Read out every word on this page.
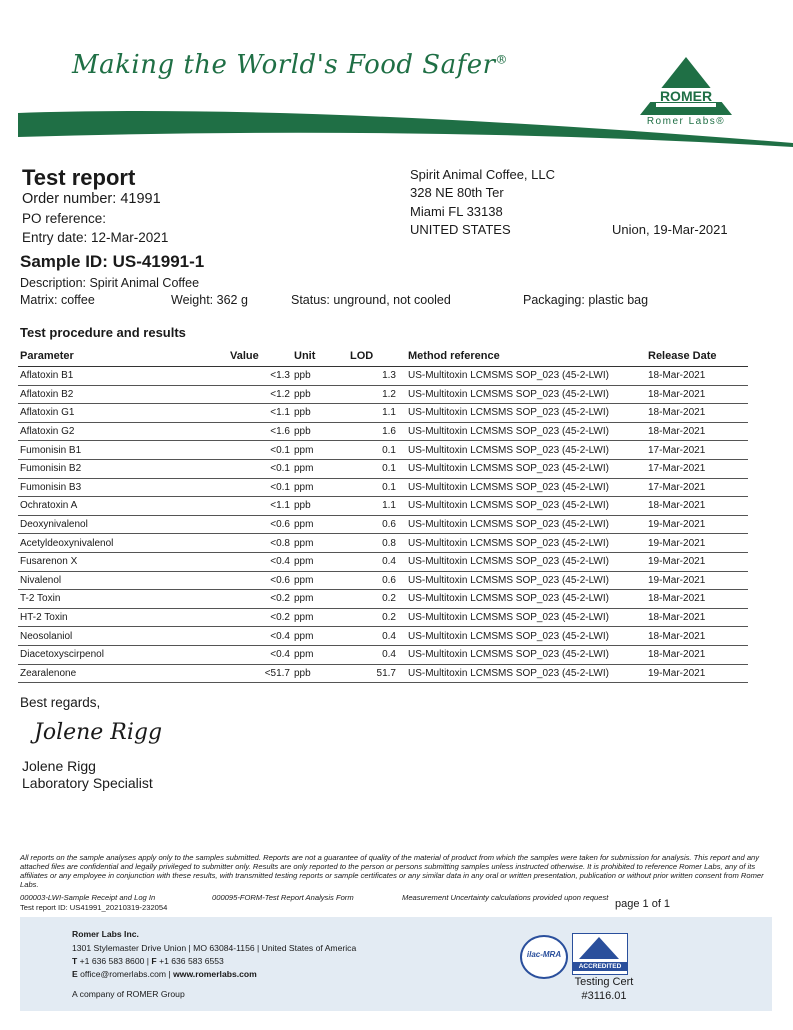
Making the World's Food Safer®
ROMER
Romer Labs®
Test report
Order number: 41991
PO reference:
Entry date: 12-Mar-2021
Spirit Animal Coffee, LLC
328 NE 80th Ter
Miami FL 33138
UNITED STATES	Union, 19-Mar-2021
Sample ID: US-41991-1
Description: Spirit Animal Coffee
Matrix: coffee	Weight: 362 g	Status: unground, not cooled	Packaging: plastic bag
Test procedure and results
Parameter	Value	Unit	LOD	Method reference	Release Date
Aflatoxin B1	<1.3	ppb	1.3	US-Multitoxin LCMSMS SOP_023 (45-2-LWI)	18-Mar-2021
Aflatoxin B2	<1.2	ppb	1.2	US-Multitoxin LCMSMS SOP_023 (45-2-LWI)	18-Mar-2021
Aflatoxin G1	<1.1	ppb	1.1	US-Multitoxin LCMSMS SOP_023 (45-2-LWI)	18-Mar-2021
Aflatoxin G2	<1.6	ppb	1.6	US-Multitoxin LCMSMS SOP_023 (45-2-LWI)	18-Mar-2021
Fumonisin B1	<0.1	ppm	0.1	US-Multitoxin LCMSMS SOP_023 (45-2-LWI)	17-Mar-2021
Fumonisin B2	<0.1	ppm	0.1	US-Multitoxin LCMSMS SOP_023 (45-2-LWI)	17-Mar-2021
Fumonisin B3	<0.1	ppm	0.1	US-Multitoxin LCMSMS SOP_023 (45-2-LWI)	17-Mar-2021
Ochratoxin A	<1.1	ppb	1.1	US-Multitoxin LCMSMS SOP_023 (45-2-LWI)	18-Mar-2021
Deoxynivalenol	<0.6	ppm	0.6	US-Multitoxin LCMSMS SOP_023 (45-2-LWI)	19-Mar-2021
Acetyldeoxynivalenol	<0.8	ppm	0.8	US-Multitoxin LCMSMS SOP_023 (45-2-LWI)	19-Mar-2021
Fusarenon X	<0.4	ppm	0.4	US-Multitoxin LCMSMS SOP_023 (45-2-LWI)	19-Mar-2021
Nivalenol	<0.6	ppm	0.6	US-Multitoxin LCMSMS SOP_023 (45-2-LWI)	19-Mar-2021
T-2 Toxin	<0.2	ppm	0.2	US-Multitoxin LCMSMS SOP_023 (45-2-LWI)	18-Mar-2021
HT-2 Toxin	<0.2	ppm	0.2	US-Multitoxin LCMSMS SOP_023 (45-2-LWI)	18-Mar-2021
Neosolaniol	<0.4	ppm	0.4	US-Multitoxin LCMSMS SOP_023 (45-2-LWI)	18-Mar-2021
Diacetoxyscirpenol	<0.4	ppm	0.4	US-Multitoxin LCMSMS SOP_023 (45-2-LWI)	18-Mar-2021
Zearalenone	<51.7	ppb	51.7	US-Multitoxin LCMSMS SOP_023 (45-2-LWI)	19-Mar-2021
Best regards,
Jolene Rigg
Jolene Rigg
Laboratory Specialist
All reports on the sample analyses apply only to the samples submitted. Reports are not a guarantee of quality of the material of product from which the samples were taken for submission for analysis. This report and any attached files are confidential and legally privileged to submitter only. Results are only reported to the person or persons submitting samples unless instructed otherwise. It is prohibited to reference Romer Labs, any of its affiliates or any employee in conjunction with these results, with transmitted testing reports or sample certificates or any similar data in any oral or written presentation, publication or without prior written consent from Romer Labs.
000003-LWI-Sample Receipt and Log In	000095-FORM-Test Report Analysis Form	Measurement Uncertainty calculations provided upon request
Test report ID: US41991_20210319-232054	page 1 of 1
Romer Labs Inc.
1301 Stylemaster Drive Union | MO 63084-1156 | United States of America
T +1 636 583 8600 | F +1 636 583 6553
E office@romerlabs.com | www.romerlabs.com
A company of ROMER Group
ilac-MRA
ACCREDITED
Testing Cert
#3116.01
